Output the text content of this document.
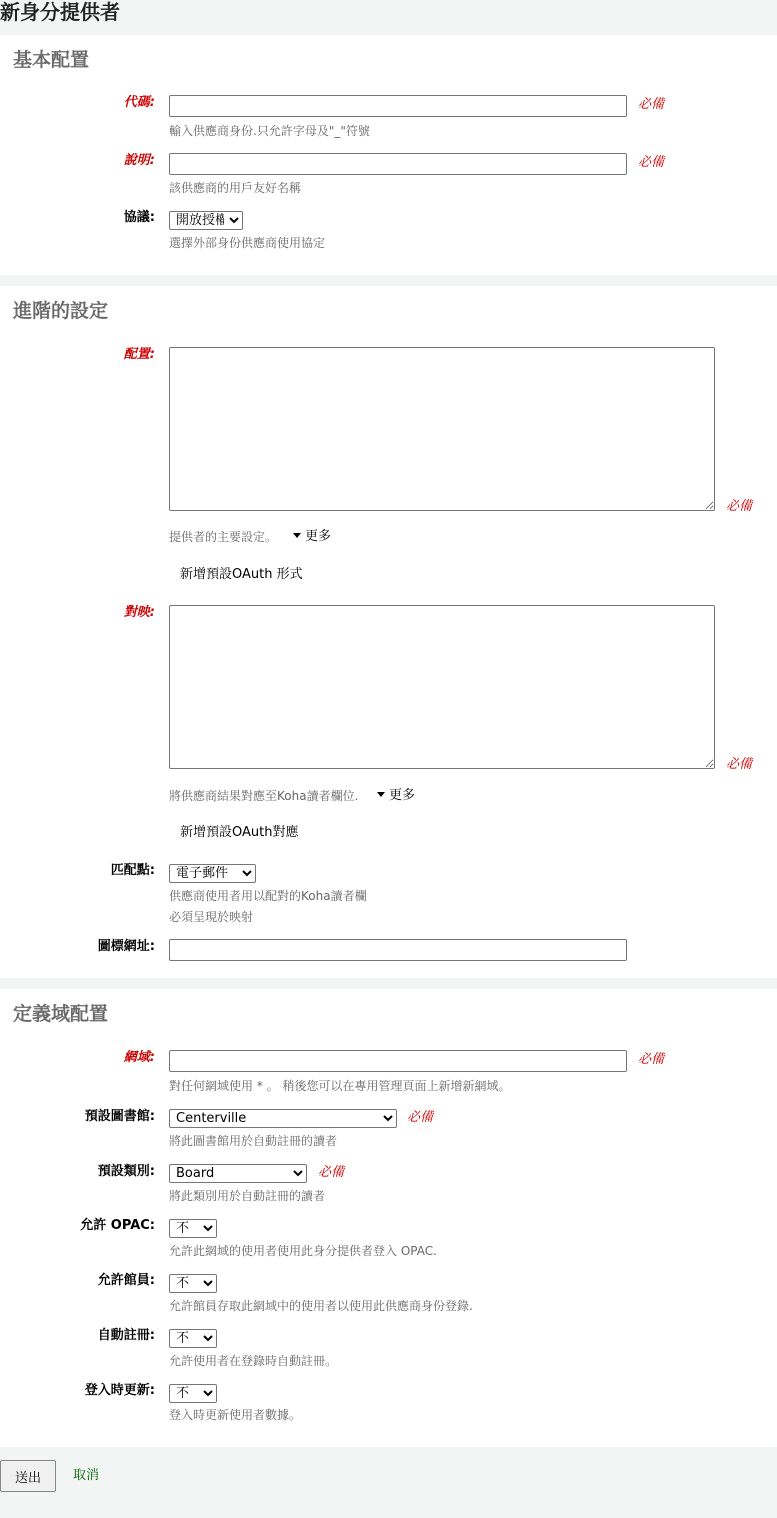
新身分提供者
基本配置
代碼:	必備
輸入供應商身份.只允許字母及"_"符號
說明:	必備
該供應商的用戶友好名稱
協議:
開放授權
選擇外部身份供應商使用協定
進階的設定
配置:
必備
提供者的主要設定。	更多
新增預設OAuth 形式
對映:
必備
將供應商結果對應至Koha讀者欄位.	更多
新增預設OAuth對應
匹配點:
電子郵件
供應商使用者用以配對的Koha讀者欄
必須呈現於映射
圖標網址:
定義域配置
網域:	必備
對任何網域使用 * 。 稍後您可以在專用管理頁面上新增新網域。
預設圖書館:
Centerville	必備
將此圖書館用於自動註冊的讀者
預設類別:
Board	必備
將此類別用於自動註冊的讀者
允許 OPAC:
不
允許此網域的使用者使用此身分提供者登入 OPAC.
允許館員:
不
允許館員存取此網域中的使用者以使用此供應商身份登錄.
自動註冊:
不
允許使用者在登錄時自動註冊。
登入時更新:
不
登入時更新使用者數據。
送出	取消
